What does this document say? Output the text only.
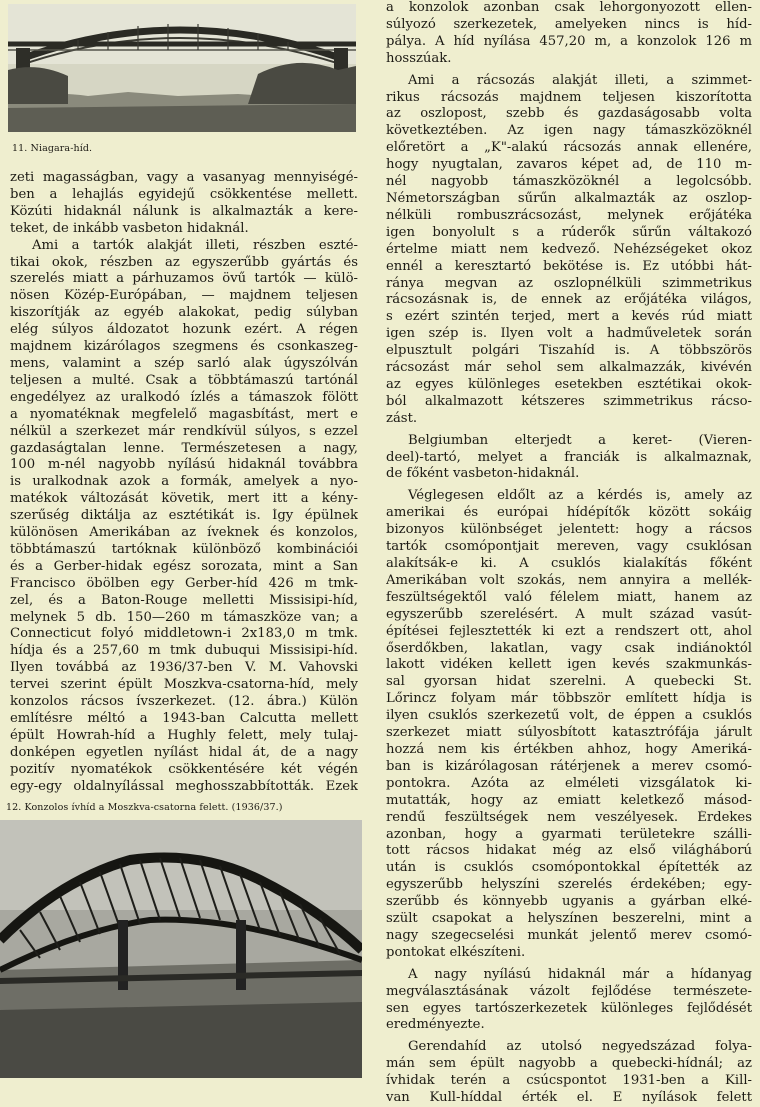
11. Niagara-híd.
zeti magasságban, vagy a vasanyag mennyiségé-
ben a lehajlás egyidejű csökkentése mellett.
Közúti hidaknál nálunk is alkalmazták a kere-
teket, de inkább vasbeton hidaknál.
Ami a tartók alakját illeti, részben eszté-
tikai okok, részben az egyszerűbb gyártás és
szerelés miatt a párhuzamos övű tartók — külö-
nösen Közép-Európában, — majdnem teljesen
kiszorítják az egyéb alakokat, pedig súlyban
elég súlyos áldozatot hozunk ezért. A régen
majdnem kizárólagos szegmens és csonkaszeg-
mens, valamint a szép sarló alak úgyszólván
teljesen a multé. Csak a többtámaszú tartónál
engedélyez az uralkodó ízlés a támaszok fölött
a nyomatéknak megfelelő magasbítást, mert e
nélkül a szerkezet már rendkívül súlyos, s ezzel
gazdaságtalan lenne. Természetesen a nagy,
100 m-nél nagyobb nyílású hidaknál továbbra
is uralkodnak azok a formák, amelyek a nyo-
matékok változását követik, mert itt a kény-
szerűség diktálja az esztétikát is. Így épülnek
különösen Amerikában az íveknek és konzolos,
többtámaszú tartóknak különböző kombinációi
és a Gerber-hidak egész sorozata, mint a San
Francisco öbölben egy Gerber-híd 426 m tmk-
zel, és a Baton-Rouge melletti Missisipi-híd,
melynek 5 db. 150—260 m támaszköze van; a
Connecticut folyó middletown-i 2x183,0 m tmk.
hídja és a 257,60 m tmk dubuqui Missisipi-híd.
Ilyen továbbá az 1936/37-ben V. M. Vahovski
tervei szerint épült Moszkva-csatorna-híd, mely
konzolos rácsos ívszerkezet. (12. ábra.) Külön
említésre méltó a 1943-ban Calcutta mellett
épült Howrah-híd a Hughly felett, mely tulaj-
donképen egyetlen nyílást hidal át, de a nagy
pozitív nyomatékok csökkentésére két végén
egy-egy oldalnyílással meghosszabbították. Ezek
12. Konzolos ívhíd a Moszkva-csatorna felett. (1936/37.)
a konzolok azonban csak lehorgonyozott ellen-
súlyozó szerkezetek, amelyeken nincs is híd-
pálya. A híd nyílása 457,20 m, a konzolok 126 m
hosszúak.
Ami a rácsozás alakját illeti, a szimmet-
rikus rácsozás majdnem teljesen kiszorította
az oszlopost, szebb és gazdaságosabb volta
következtében. Az igen nagy támaszközöknél
előretört a „K"-alakú rácsozás annak ellenére,
hogy nyugtalan, zavaros képet ad, de 110 m-
nél nagyobb támaszközöknél a legolcsóbb.
Németországban sűrűn alkalmazták az oszlop-
nélküli rombuszrácsozást, melynek erőjátéka
igen bonyolult s a rúderők sűrűn váltakozó
értelme miatt nem kedvező. Nehézségeket okoz
ennél a keresztartó bekötése is. Ez utóbbi hát-
ránya megvan az oszlopnélküli szimmetrikus
rácsozásnak is, de ennek az erőjátéka világos,
s ezért szintén terjed, mert a kevés rúd miatt
igen szép is. Ilyen volt a hadműveletek során
elpusztult polgári Tiszahíd is. A többszörös
rácsozást már sehol sem alkalmazzák, kivévén
az egyes különleges esetekben esztétikai okok-
ból alkalmazott kétszeres szimmetrikus rácso-
zást.
Belgiumban elterjedt a keret- (Vieren-
deel)-tartó, melyet a franciák is alkalmaznak,
de főként vasbeton-hidaknál.
Véglegesen eldőlt az a kérdés is, amely az
amerikai és európai hídépítők között sokáig
bizonyos különbséget jelentett: hogy a rácsos
tartók csomópontjait mereven, vagy csuklósan
alakítsák-e ki. A csuklós kialakítás főként
Amerikában volt szokás, nem annyira a mellék-
feszültségektől való félelem miatt, hanem az
egyszerűbb szerelésért. A mult század vasút-
építései fejlesztették ki ezt a rendszert ott, ahol
őserdőkben, lakatlan, vagy csak indiánoktól
lakott vidéken kellett igen kevés szakmunkás-
sal gyorsan hidat szerelni. A quebecki St.
Lőrincz folyam már többször említett hídja is
ilyen csuklós szerkezetű volt, de éppen a csuklós
szerkezet miatt súlyosbított katasztrófája járult
hozzá nem kis értékben ahhoz, hogy Ameriká-
ban is kizárólagosan rátérjenek a merev csomó-
pontokra. Azóta az elméleti vizsgálatok ki-
mutatták, hogy az emiatt keletkező másod-
rendű feszültségek nem veszélyesek. Érdekes
azonban, hogy a gyarmati területekre szálli-
tott rácsos hidakat még az első világháború
után is csuklós csomópontokkal építették az
egyszerűbb helyszíni szerelés érdekében; egy-
szerűbb és könnyebb ugyanis a gyárban elké-
szült csapokat a helyszínen beszerelni, mint a
nagy szegecselési munkát jelentő merev csomó-
pontokat elkészíteni.
A nagy nyílású hidaknál már a hídanyag
megválasztásának vázolt fejlődése természete-
sen egyes tartószerkezetek különleges fejlődését
eredményezte.
Gerendahíd az utolsó negyedszázad folya-
mán sem épült nagyobb a quebecki-hídnál; az
ívhidak terén a csúcspontot 1931-ben a Kill-
van Kull-híddal érték el. E nyílások felett
